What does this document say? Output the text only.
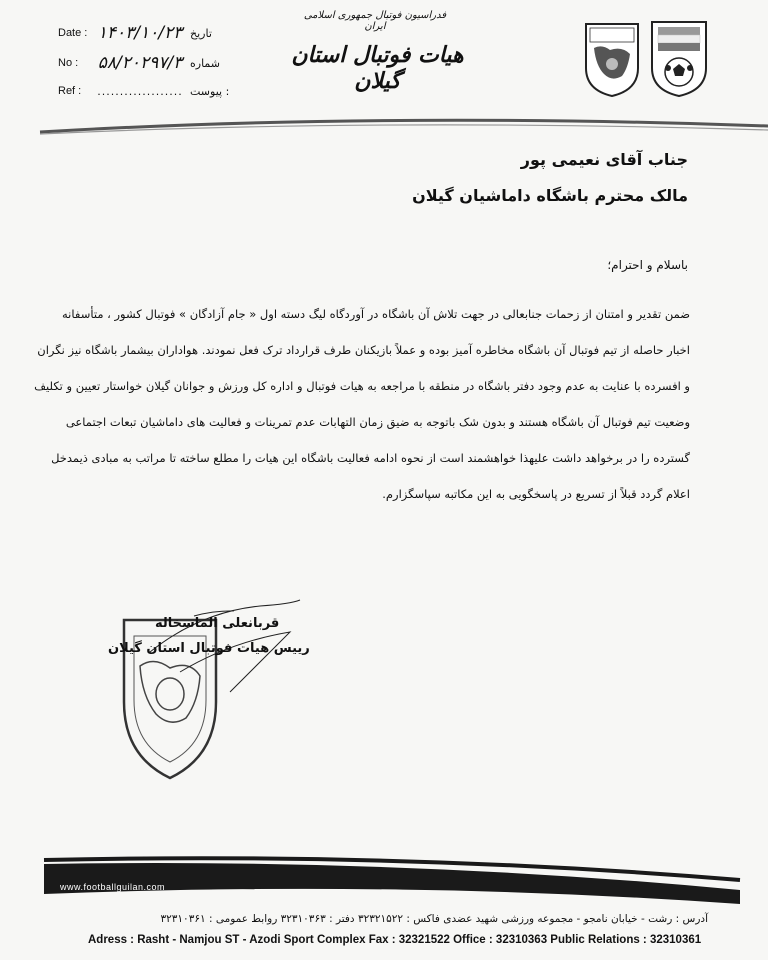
Date : ۱۴۰۳/۱۰/۲۳ تاریخ
No :	۵۸/۲۰۲۹۷/۳ شماره
Ref :	................... : پیوست
فدراسیون فوتبال جمهوری اسلامی ایران
هیات فوتبال استان گیلان
جناب آقای نعیمی پور
مالک محترم باشگاه داماشیان گیلان
باسلام و احترام؛

ضمن تقدیر و امتنان از زحمات جنابعالی در جهت تلاش آن باشگاه در آوردگاه لیگ دسته اول « جام آزادگان » فوتبال کشور ، متأسفانه

اخبار حاصله از تیم فوتبال آن باشگاه مخاطره آمیز بوده و عملاً بازیکنان طرف قرارداد ترک فعل نمودند. هواداران بیشمار باشگاه نیز نگران

و افسرده با عنایت به عدم وجود دفتر باشگاه در منطقه با مراجعه به هیات فوتبال و اداره کل ورزش و جوانان گیلان خواستار تعیین و تکلیف

وضعیت تیم فوتبال آن باشگاه هستند و بدون شک باتوجه به ضیق زمان التهابات عدم تمرینات و فعالیت های داماشیان تبعات اجتماعی

گسترده را در برخواهد داشت علیهذا خواهشمند است از نحوه ادامه فعالیت باشگاه این هیات را مطلع ساخته تا مراتب به مبادی ذیمدخل

اعلام گردد قبلاً از تسریع در پاسخگویی به این مکاتبه سپاسگزارم.

قربانعلی الماسخاله
رییس هیات فوتبال استان گیلان
www.footballguilan.com
آدرس : رشت - خیابان نامجو - مجموعه ورزشی شهید عضدی فاکس : ۳۲۳۲۱۵۲۲ دفتر : ۳۲۳۱۰۳۶۳ روابط عمومی : ۳۲۳۱۰۳۶۱
Adress : Rasht - Namjou ST - Azodi Sport Complex Fax : 32321522 Office : 32310363 Public Relations : 32310361
